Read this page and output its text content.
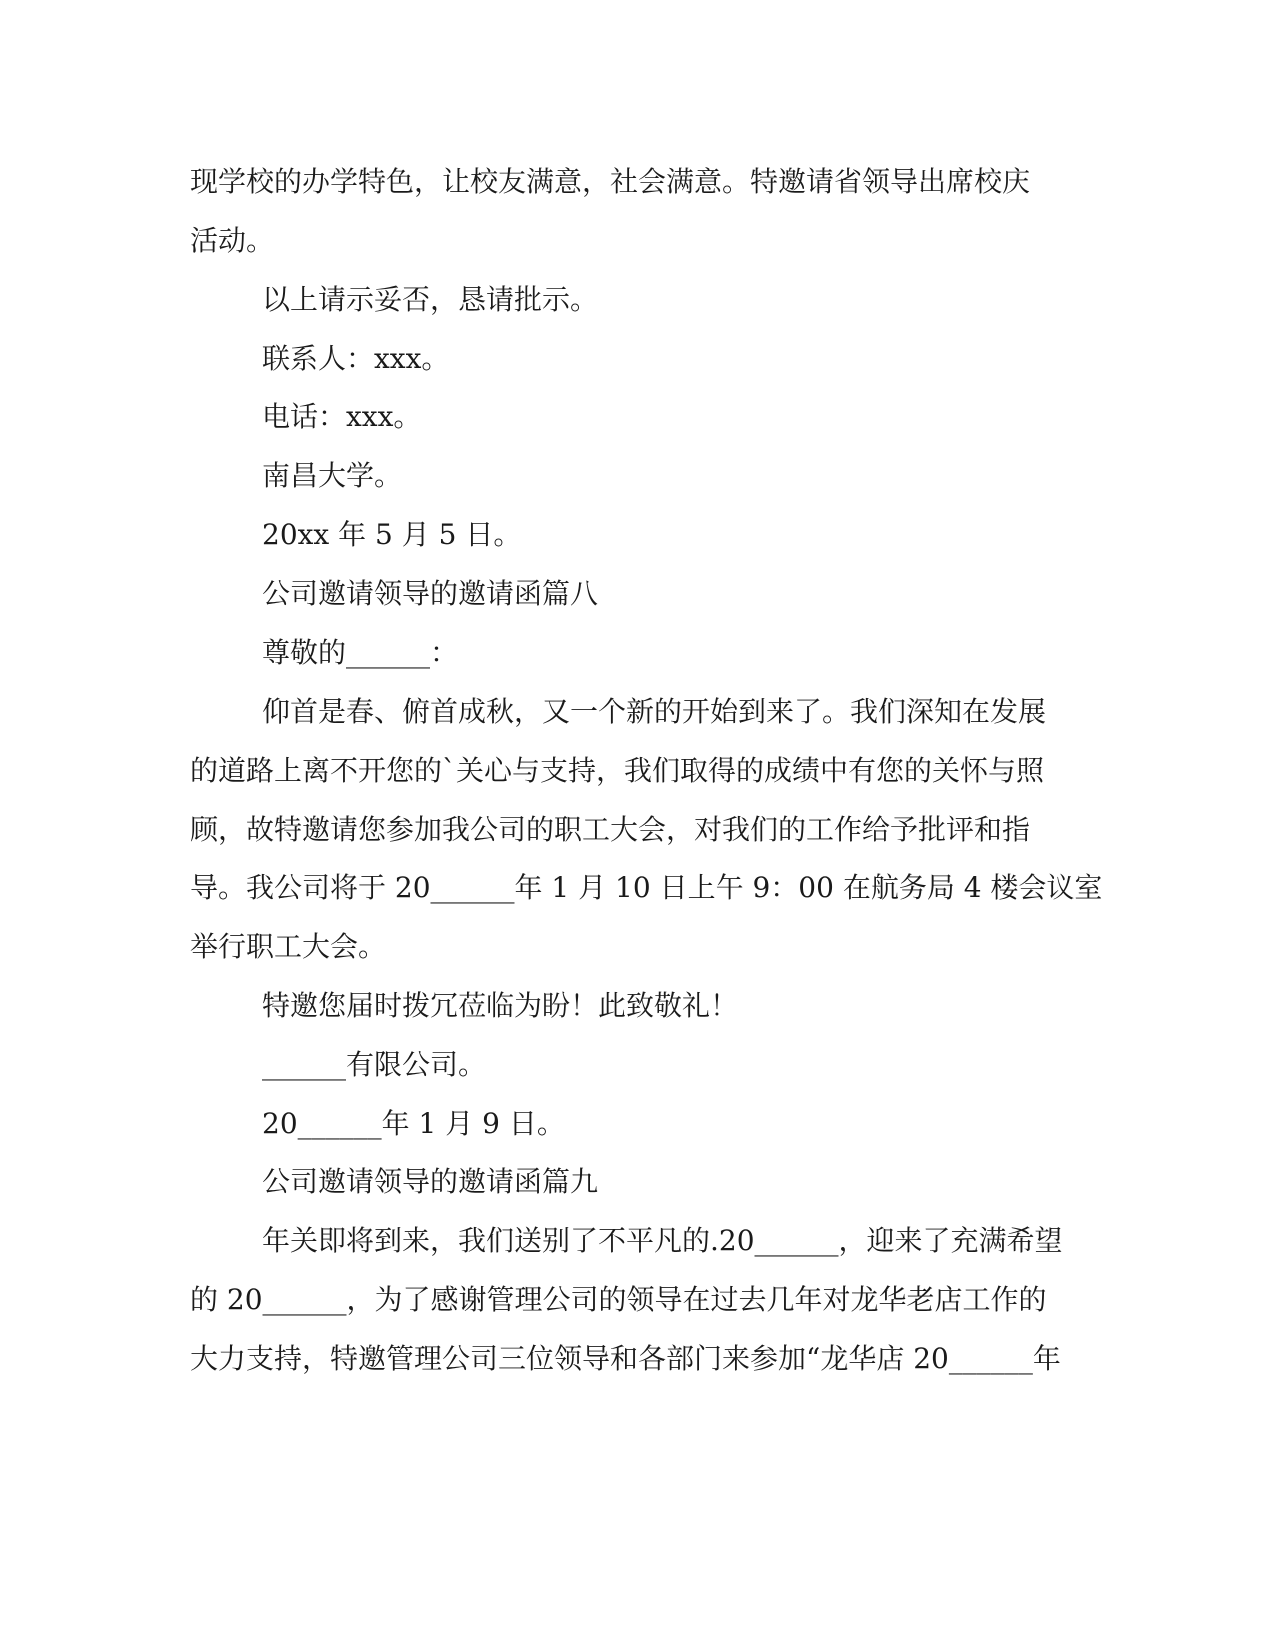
现学校的办学特色，让校友满意，社会满意。特邀请省领导出席校庆
活动。
以上请示妥否，恳请批示。
联系人：xxx。
电话：xxx。
南昌大学。
20xx 年 5 月 5 日。
公司邀请领导的邀请函篇八
尊敬的______：
仰首是春、俯首成秋，又一个新的开始到来了。我们深知在发展
的道路上离不开您的`关心与支持，我们取得的成绩中有您的关怀与照
顾，故特邀请您参加我公司的职工大会，对我们的工作给予批评和指
导。我公司将于 20______年 1 月 10 日上午 9：00 在航务局 4 楼会议室
举行职工大会。
特邀您届时拨冗莅临为盼！此致敬礼！
______有限公司。
20______年 1 月 9 日。
公司邀请领导的邀请函篇九
年关即将到来，我们送别了不平凡的.20______，迎来了充满希望
的 20______，为了感谢管理公司的领导在过去几年对龙华老店工作的
大力支持，特邀管理公司三位领导和各部门来参加“龙华店 20______年
